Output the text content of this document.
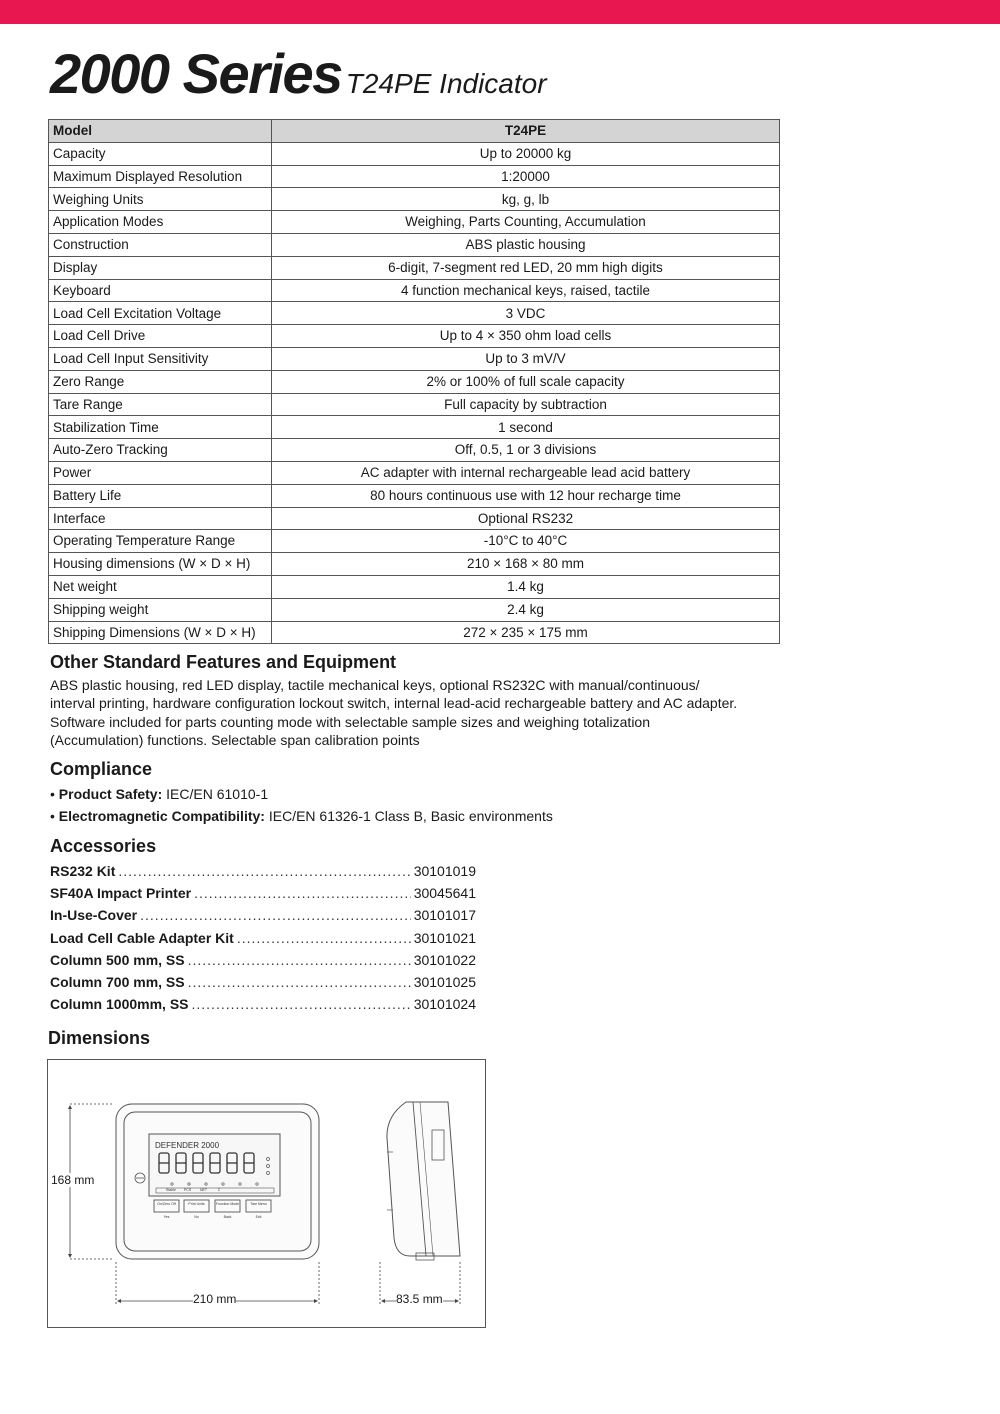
2000 Series T24PE Indicator
Model	T24PE
Capacity	Up to 20000 kg
Maximum Displayed Resolution	1:20000
Weighing Units	kg, g, lb
Application Modes	Weighing, Parts Counting, Accumulation
Construction	ABS plastic housing
Display	6-digit, 7-segment red LED, 20 mm high digits
Keyboard	4 function mechanical keys, raised, tactile
Load Cell Excitation Voltage	3 VDC
Load Cell Drive	Up to 4 × 350 ohm load cells
Load Cell Input Sensitivity	Up to 3 mV/V
Zero Range	2% or 100% of full scale capacity
Tare Range	Full capacity by subtraction
Stabilization Time	1 second
Auto-Zero Tracking	Off, 0.5, 1 or 3 divisions
Power	AC adapter with internal rechargeable lead acid battery
Battery Life	80 hours continuous use with 12 hour recharge time
Interface	Optional RS232
Operating Temperature Range	-10°C to 40°C
Housing dimensions (W × D × H)	210 × 168 × 80 mm
Net weight	1.4 kg
Shipping weight	2.4 kg
Shipping Dimensions (W × D × H)	272 × 235 × 175 mm
Other Standard Features and Equipment
ABS plastic housing, red LED display, tactile mechanical keys, optional RS232C with manual/continuous/ interval printing, hardware configuration lockout switch, internal lead-acid rechargeable battery and AC adapter. Software included for parts counting mode with selectable sample sizes and weighing totalization (Accumulation) functions. Selectable span calibration points
Compliance
• Product Safety: IEC/EN 61010-1
• Electromagnetic Compatibility: IEC/EN 61326-1 Class B, Basic environments
Accessories
RS232 Kit .....	30101019
SF40A Impact Printer .....	30045641
In-Use-Cover .....	30101017
Load Cell Cable Adapter Kit .....	30101021
Column 500 mm, SS .....	30101022
Column 700 mm, SS .....	30101025
Column 1000mm, SS .....	30101024
Dimensions
DEFENDER 2000
Stable PCS	NET	Σ
On/Zero Off	Print Units	Function Mode	Tare Menu
Yes	No	Back	Exit
168 mm
210 mm	83.5 mm
